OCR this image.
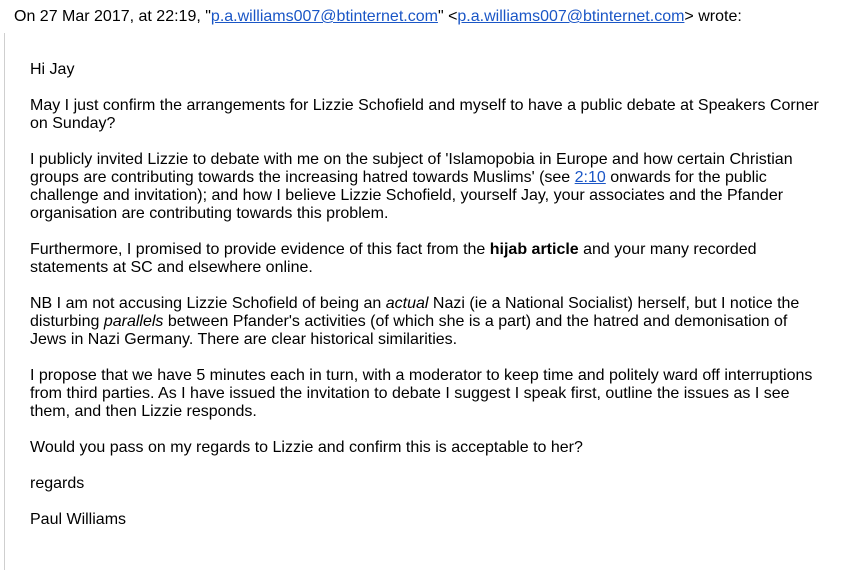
On 27 Mar 2017, at 22:19, "p.a.williams007@btinternet.com" <p.a.williams007@btinternet.com> wrote:

Hi Jay

May I just confirm the arrangements for Lizzie Schofield and myself to have a public debate at Speakers Corner on Sunday?

I publicly invited Lizzie to debate with me on the subject of 'Islamopobia in Europe and how certain Christian groups are contributing towards the increasing hatred towards Muslims' (see 2:10 onwards for the public challenge and invitation); and how I believe Lizzie Schofield, yourself Jay, your associates and the Pfander organisation are contributing towards this problem.

Furthermore, I promised to provide evidence of this fact from the hijab article and your many recorded statements at SC and elsewhere online.

NB I am not accusing Lizzie Schofield of being an actual Nazi (ie a National Socialist) herself, but I notice the disturbing parallels between Pfander's activities (of which she is a part) and the hatred and demonisation of Jews in Nazi Germany. There are clear historical similarities.

I propose that we have 5 minutes each in turn, with a moderator to keep time and politely ward off interruptions from third parties. As I have issued the invitation to debate I suggest I speak first, outline the issues as I see them, and then Lizzie responds.

Would you pass on my regards to Lizzie and confirm this is acceptable to her?

regards

Paul Williams
